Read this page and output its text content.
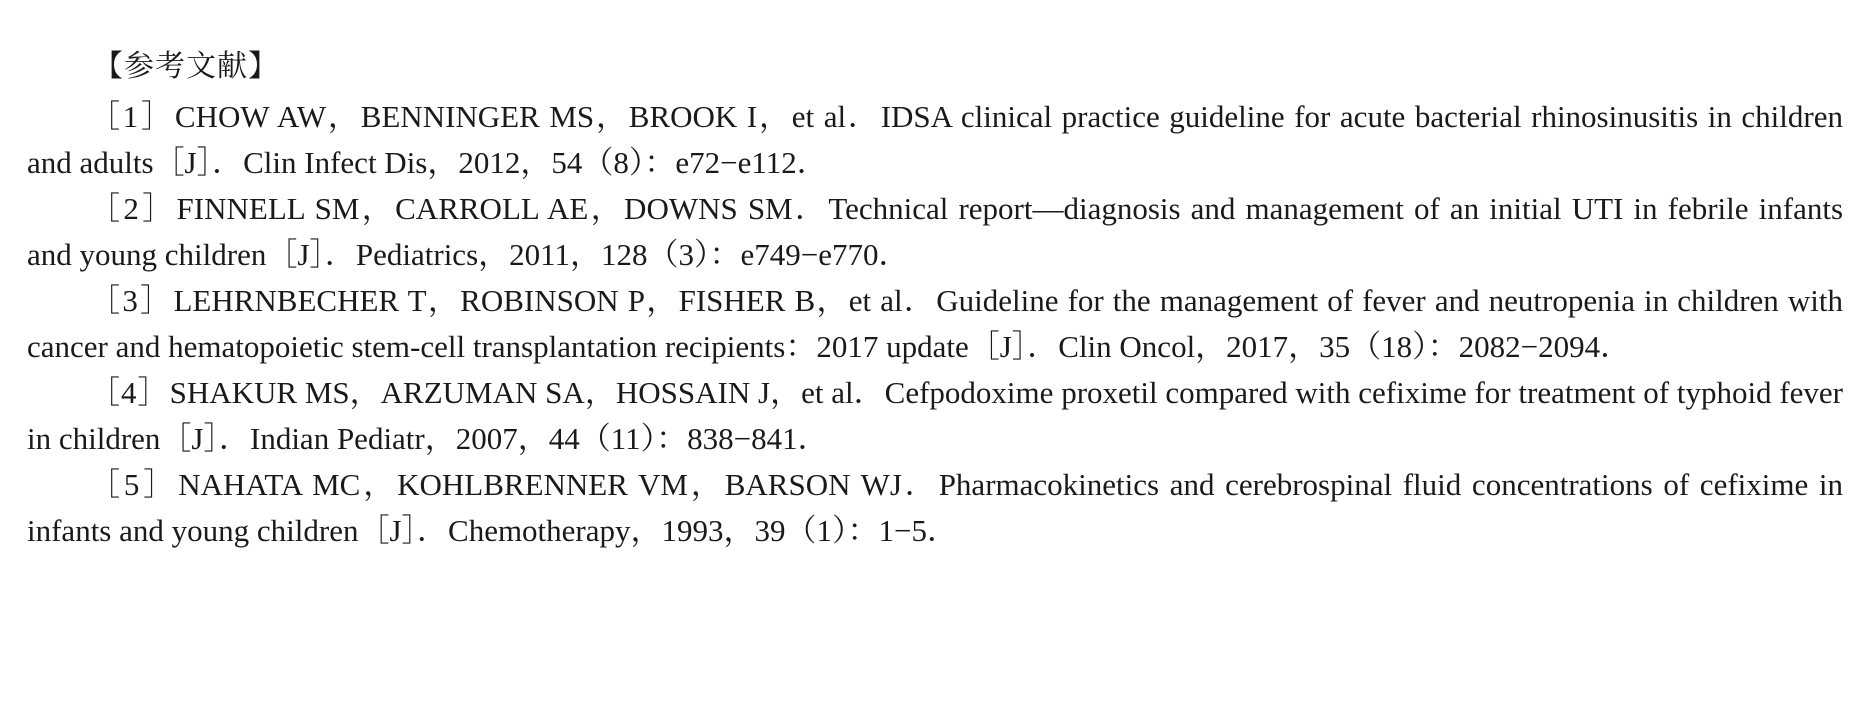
【参考文献】
［1］CHOW AW，BENNINGER MS，BROOK I，et al．IDSA clinical practice guideline for acute bacterial rhinosinusitis in children and adults［J］．Clin Infect Dis，2012，54（8）：e72−e112．
［2］FINNELL SM，CARROLL AE，DOWNS SM．Technical report—diagnosis and management of an initial UTI in febrile infants and young children［J］．Pediatrics，2011，128（3）：e749−e770．
［3］LEHRNBECHER T，ROBINSON P，FISHER B，et al．Guideline for the management of fever and neutropenia in children with cancer and hematopoietic stem-cell transplantation recipients：2017 update［J］．Clin Oncol，2017，35（18）：2082−2094．
［4］SHAKUR MS，ARZUMAN SA，HOSSAIN J，et al．Cefpodoxime proxetil compared with cefixime for treatment of typhoid fever in children［J］．Indian Pediatr，2007，44（11）：838−841．
［5］NAHATA MC，KOHLBRENNER VM，BARSON WJ．Pharmacokinetics and cerebrospinal fluid concentrations of cefixime in infants and young children［J］．Chemotherapy，1993，39（1）：1−5．
